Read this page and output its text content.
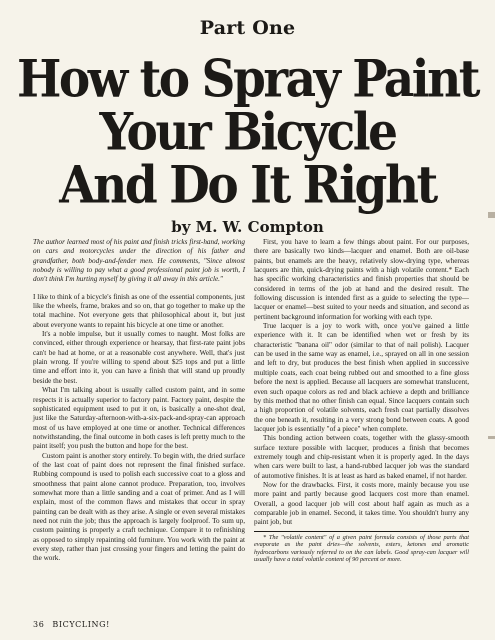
Part One
How to Spray Paint
Your Bicycle
And Do It Right
by M. W. Compton

The author learned most of his paint and finish tricks first-hand, working on cars and motorcycles under the direction of his father and grandfather, both body-and-fender men. He comments, "Since almost nobody is willing to pay what a good professional paint job is worth, I don't think I'm hurting myself by giving it all away in this article."

I like to think of a bicycle's finish as one of the essential components, just like the wheels, frame, brakes and so on, that go together to make up the total machine. Not everyone gets that philosophical about it, but just about everyone wants to repaint his bicycle at one time or another.

It's a noble impulse, but it usually comes to naught. Most folks are convinced, either through experience or hearsay, that first-rate paint jobs can't be had at home, or at a reasonable cost anywhere. Well, that's just plain wrong. If you're willing to spend about $25 tops and put a little time and effort into it, you can have a finish that will stand up proudly beside the best.

What I'm talking about is usually called custom paint, and in some respects it is actually superior to factory paint. Factory paint, despite the sophisticated equipment used to put it on, is basically a one-shot deal, just like the Saturday-afternoon-with-a-six-pack-and-spray-can approach most of us have employed at one time or another. Technical differences notwithstanding, the final outcome in both cases is left pretty much to the paint itself; you push the button and hope for the best.

Custom paint is another story entirely. To begin with, the dried surface of the last coat of paint does not represent the final finished surface. Rubbing compound is used to polish each successive coat to a gloss and smoothness that paint alone cannot produce. Preparation, too, involves somewhat more than a little sanding and a coat of primer. And as I will explain, most of the common flaws and mistakes that occur in spray painting can be dealt with as they arise. A single or even several mistakes need not ruin the job; thus the approach is largely foolproof. To sum up, custom painting is properly a craft technique. Compare it to refinishing as opposed to simply repainting old furniture. You work with the paint at every step, rather than just crossing your fingers and letting the paint do the work.

First, you have to learn a few things about paint. For our purposes, there are basically two kinds—lacquer and enamel. Both are oil-base paints, but enamels are the heavy, relatively slow-drying type, whereas lacquers are thin, quick-drying paints with a high volatile content.* Each has specific working characteristics and finish properties that should be considered in terms of the job at hand and the desired result. The following discussion is intended first as a guide to selecting the type—lacquer or enamel—best suited to your needs and situation, and second as pertinent background information for working with each type.

True lacquer is a joy to work with, once you've gained a little experience with it. It can be identified when wet or fresh by its characteristic "banana oil" odor (similar to that of nail polish). Lacquer can be used in the same way as enamel, i.e., sprayed on all in one session and left to dry, but produces the best finish when applied in successive multiple coats, each coat being rubbed out and smoothed to a fine gloss before the next is applied. Because all lacquers are somewhat translucent, even such opaque colors as red and black achieve a depth and brilliance by this method that no other finish can equal. Since lacquers contain such a high proportion of volatile solvents, each fresh coat partially dissolves the one beneath it, resulting in a very strong bond between coats. A good lacquer job is essentially "of a piece" when complete.

This bonding action between coats, together with the glassy-smooth surface texture possible with lacquer, produces a finish that becomes extremely tough and chip-resistant when it is properly aged. In the days when cars were built to last, a hand-rubbed lacquer job was the standard of automotive finishes. It is at least as hard as baked enamel, if not harder.

Now for the drawbacks. First, it costs more, mainly because you use more paint and partly because good lacquers cost more than enamel. Overall, a good lacquer job will cost about half again as much as a comparable job in enamel. Second, it takes time. You shouldn't hurry any paint job, but

* The "volatile content" of a given paint formula consists of those parts that evaporate as the paint dries—the solvents, esters, ketones and aromatic hydrocarbons variously referred to on the can labels. Good spray-can lacquer will usually have a total volatile content of 90 percent or more.

36 BICYCLING!
